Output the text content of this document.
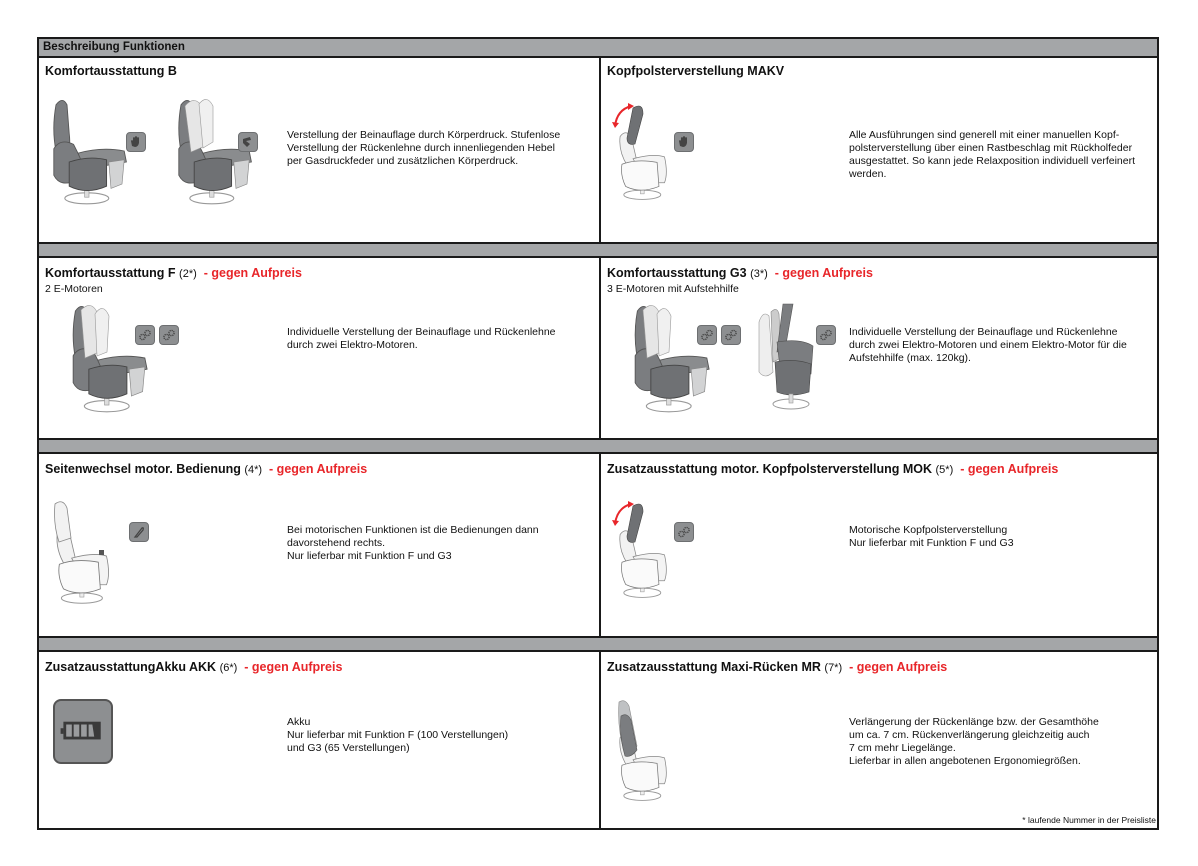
Beschreibung Funktionen
Komfortausstattung B
Verstellung der Beinauflage durch Körperdruck. Stufenlose
Verstellung der Rückenlehne durch innenliegenden Hebel
per Gasdruckfeder und zusätzlichen Körperdruck.
Kopfpolsterverstellung MAKV
Alle Ausführungen sind generell mit einer manuellen Kopf-
polsterverstellung über einen Rastbeschlag mit Rückholfeder
ausgestattet. So kann jede Relaxposition individuell verfeinert
werden.
Komfortausstattung F (2*) - gegen Aufpreis
2 E-Motoren
Individuelle Verstellung der Beinauflage und Rückenlehne
durch zwei Elektro-Motoren.
Komfortausstattung G3 (3*) - gegen Aufpreis
3 E-Motoren mit Aufstehhilfe
Individuelle Verstellung der Beinauflage und Rückenlehne
durch zwei Elektro-Motoren und einem Elektro-Motor für die
Aufstehhilfe (max. 120kg).
Seitenwechsel motor. Bedienung (4*) - gegen Aufpreis
Bei motorischen Funktionen ist die Bedienungen dann
davorstehend rechts.
Nur lieferbar mit Funktion F und G3
Zusatzausstattung motor. Kopfpolsterverstellung MOK (5*) - gegen Aufpreis
Motorische Kopfpolsterverstellung
Nur lieferbar mit Funktion F und G3
ZusatzausstattungAkku AKK (6*) - gegen Aufpreis
Akku
Nur lieferbar mit Funktion F (100 Verstellungen)
und G3 (65 Verstellungen)
Zusatzausstattung Maxi-Rücken MR (7*) - gegen Aufpreis
Verlängerung der Rückenlänge bzw. der Gesamthöhe
um ca. 7 cm. Rückenverlängerung gleichzeitig auch
7 cm mehr Liegelänge.
Lieferbar in allen angebotenen Ergonomiegrößen.
* laufende Nummer in der Preisliste
